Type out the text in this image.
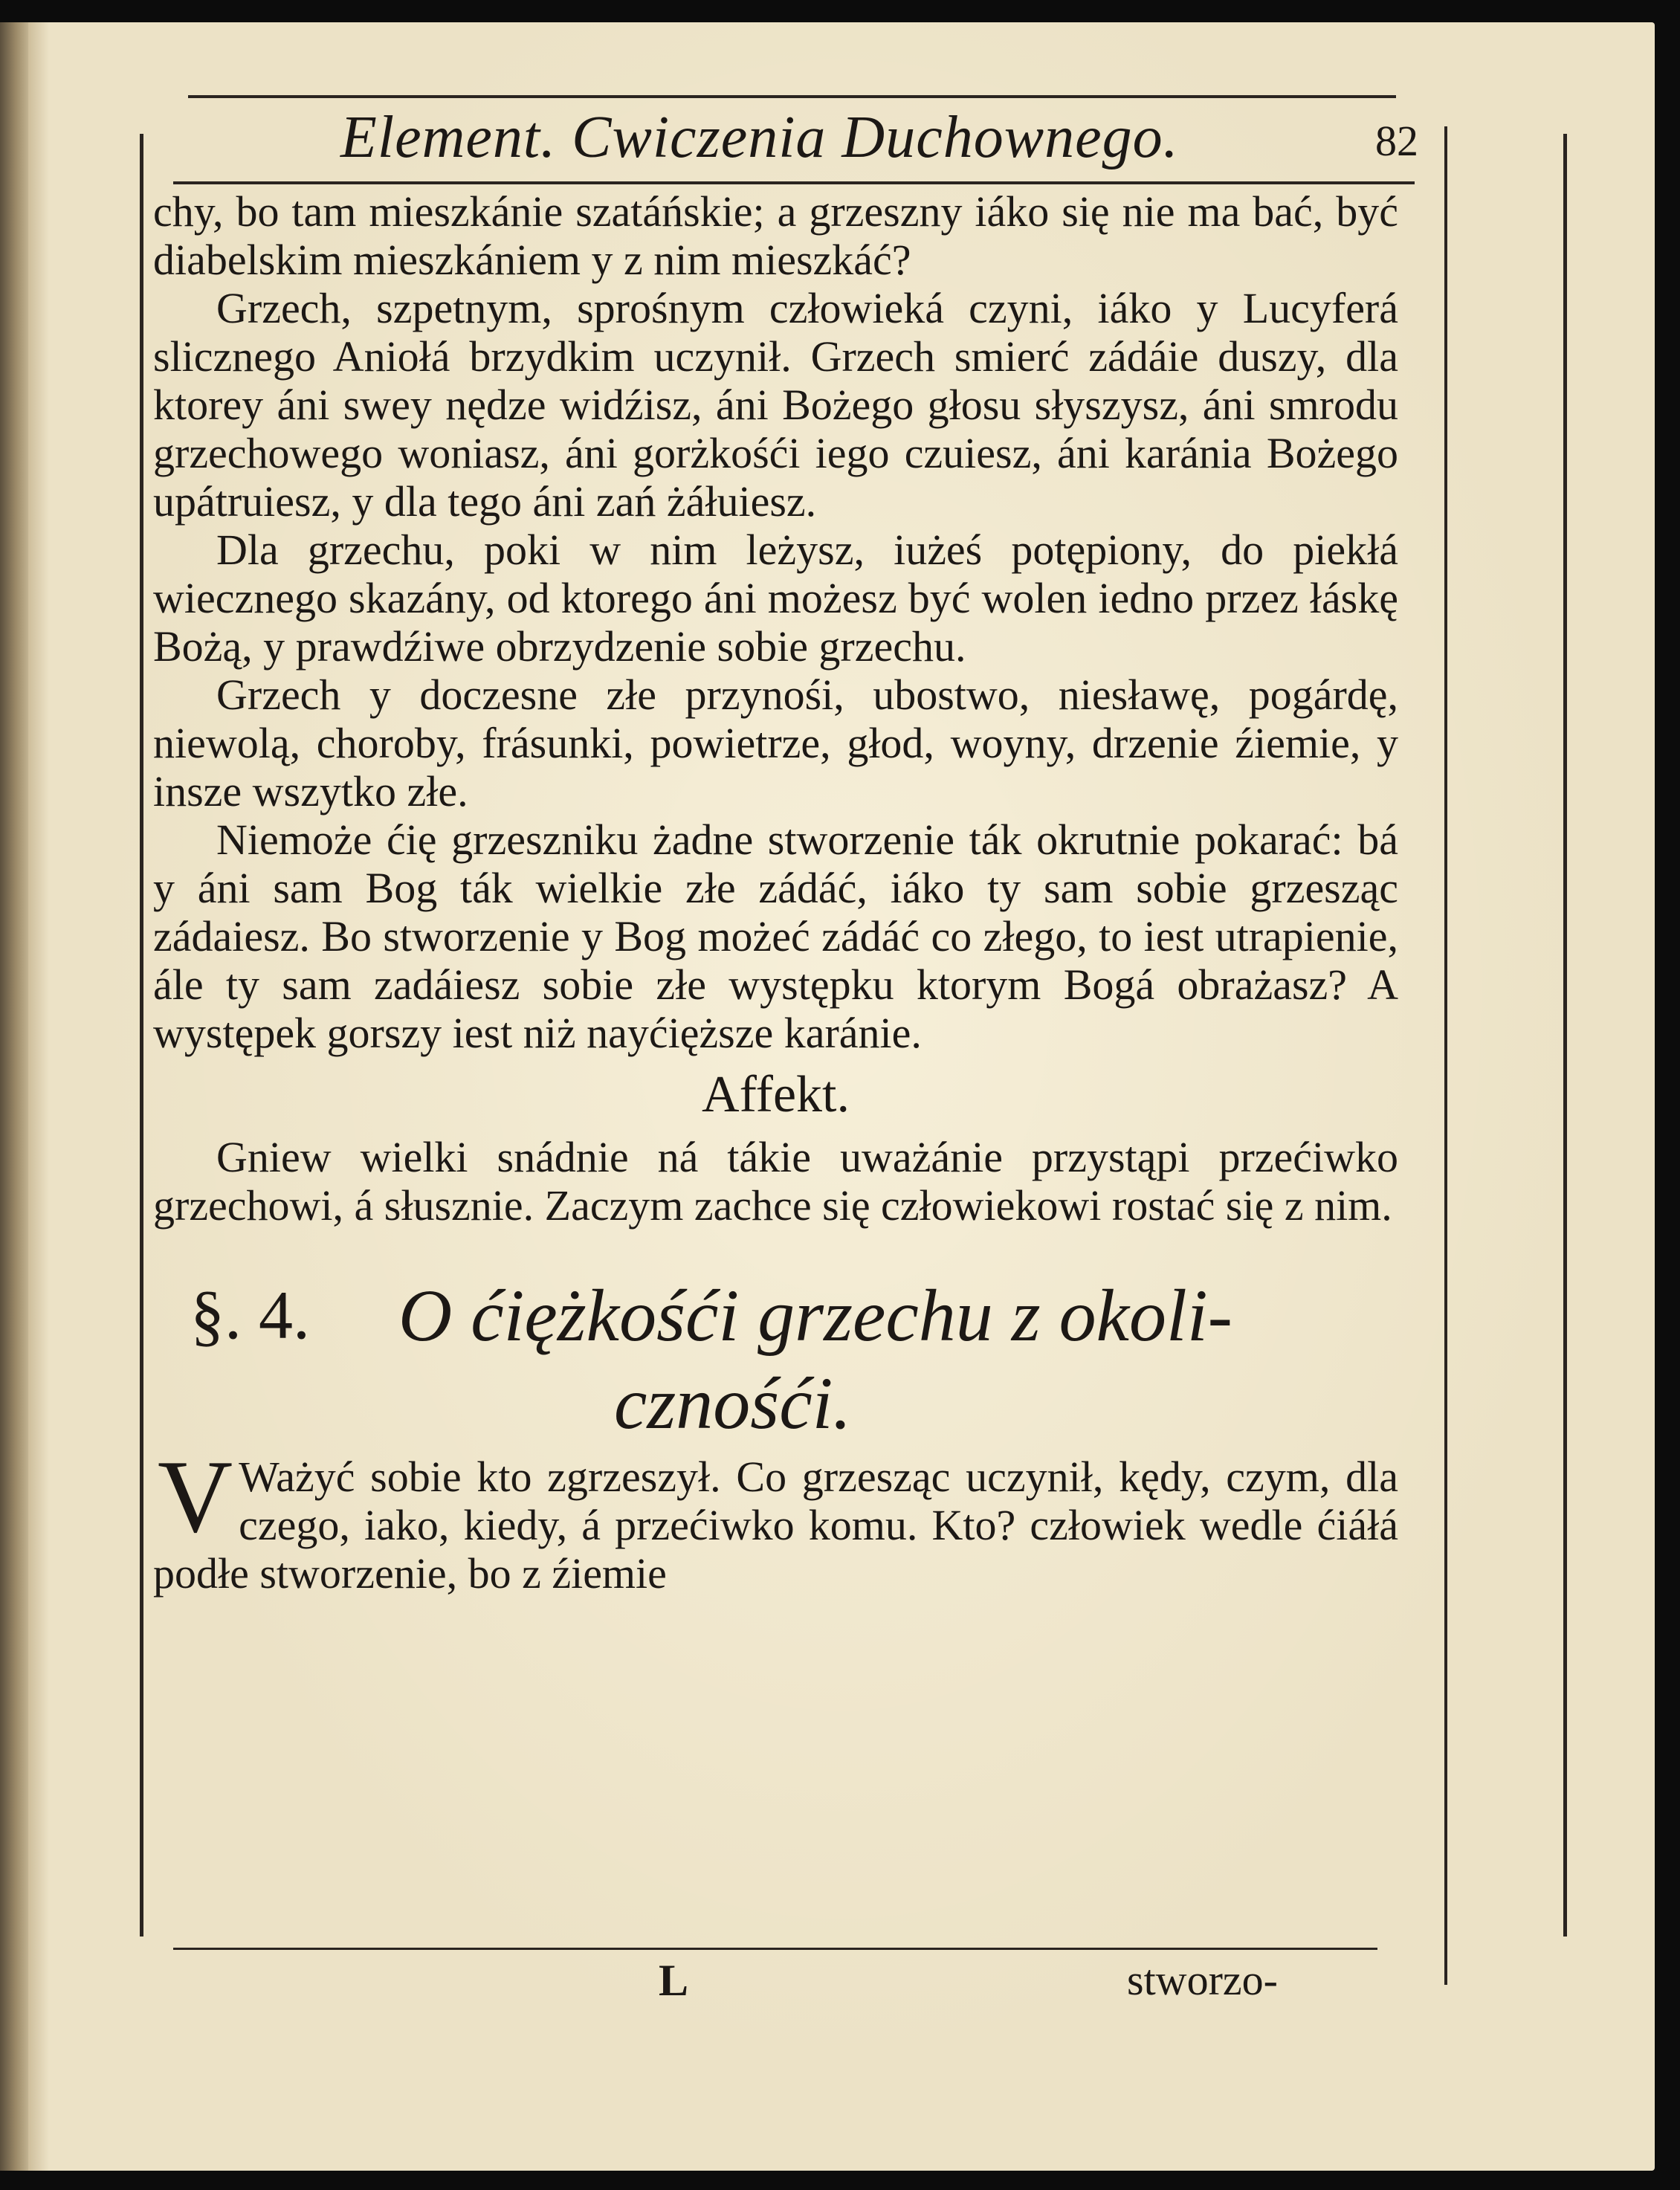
Element. Cwiczenia Duchownego.	82

chy, bo tam mieszkánie szatáńskie; a grzeszny iáko się nie ma bać, być diabelskim mieszkániem y z nim mieszkáć?

Grzech, szpetnym, sprośnym człowieká czyni, iáko y Lucyferá slicznego Aniołá brzydkim uczynił. Grzech smierć zádáie duszy, dla ktorey áni swey nędze widźisz, áni Bożego głosu słyszysz, áni smrodu grzechowego woniasz, áni gorżkośći iego czuiesz, áni karánia Bożego upátruiesz, y dla tego áni zań żáłuiesz.

Dla grzechu, poki w nim leżysz, iużeś potępiony, do piekłá wiecznego skazány, od ktorego áni możesz być wolen iedno przez łáskę Bożą, y prawdźiwe obrzydzenie sobie grzechu.

Grzech y doczesne złe przynośi, ubostwo, niesławę, pogárdę, niewolą, choroby, frásunki, powietrze, głod, woyny, drzenie źiemie, y insze wszytko złe.

Niemoże ćię grzeszniku żadne stworzenie ták okrutnie pokarać: bá y áni sam Bog ták wielkie złe zádáć, iáko ty sam sobie grzesząc zádaiesz. Bo stworzenie y Bog możeć zádáć co złego, to iest utrapienie, ále ty sam zadáiesz sobie złe występku ktorym Bogá obrażasz? A występek gorszy iest niż nayćięższe karánie.

Affekt.

Gniew wielki snádnie ná tákie uważánie przystąpi przećiwko grzechowi, á słusznie. Zaczym zachce się człowiekowi rostać się z nim.

§. 4. O ćiężkośći grzechu z okoli-
cznośći.
V Ważyć sobie kto zgrzeszył. Co grzesząc uczynił, kędy, czym, dla czego, iako, kiedy, á przećiwko komu. Kto? człowiek wedle ćiáłá podłe stworzenie, bo z źiemie

L	stworzo-
